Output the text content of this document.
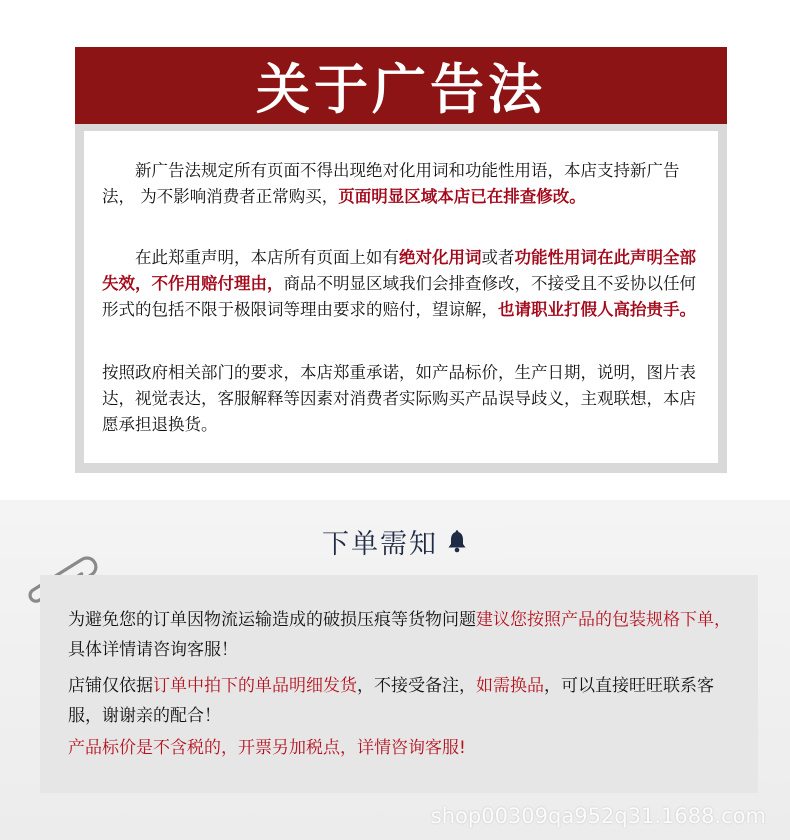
关于广告法
  新广告法规定所有页面不得出现绝对化用词和功能性用语，本店支持新广告法， 为不影响消费者正常购买，页面明显区域本店已在排查修改。
  在此郑重声明，本店所有页面上如有绝对化用词或者功能性用词在此声明全部失效，不作用赔付理由，商品不明显区域我们会排查修改，不接受且不妥协以任何形式的包括不限于极限词等理由要求的赔付，望谅解，也请职业打假人高抬贵手。
按照政府相关部门的要求，本店郑重承诺，如产品标价，生产日期，说明，图片表达，视觉表达，客服解释等因素对消费者实际购买产品误导歧义，主观联想，本店愿承担退换货。
下单需知
为避免您的订单因物流运输造成的破损压痕等货物问题建议您按照产品的包装规格下单，具体详情请咨询客服！
店铺仅依据订单中拍下的单品明细发货，不接受备注，如需换品，可以直接旺旺联系客服，谢谢亲的配合！
产品标价是不含税的，开票另加税点，详情咨询客服!
shop00309qa952q31.1688.com
